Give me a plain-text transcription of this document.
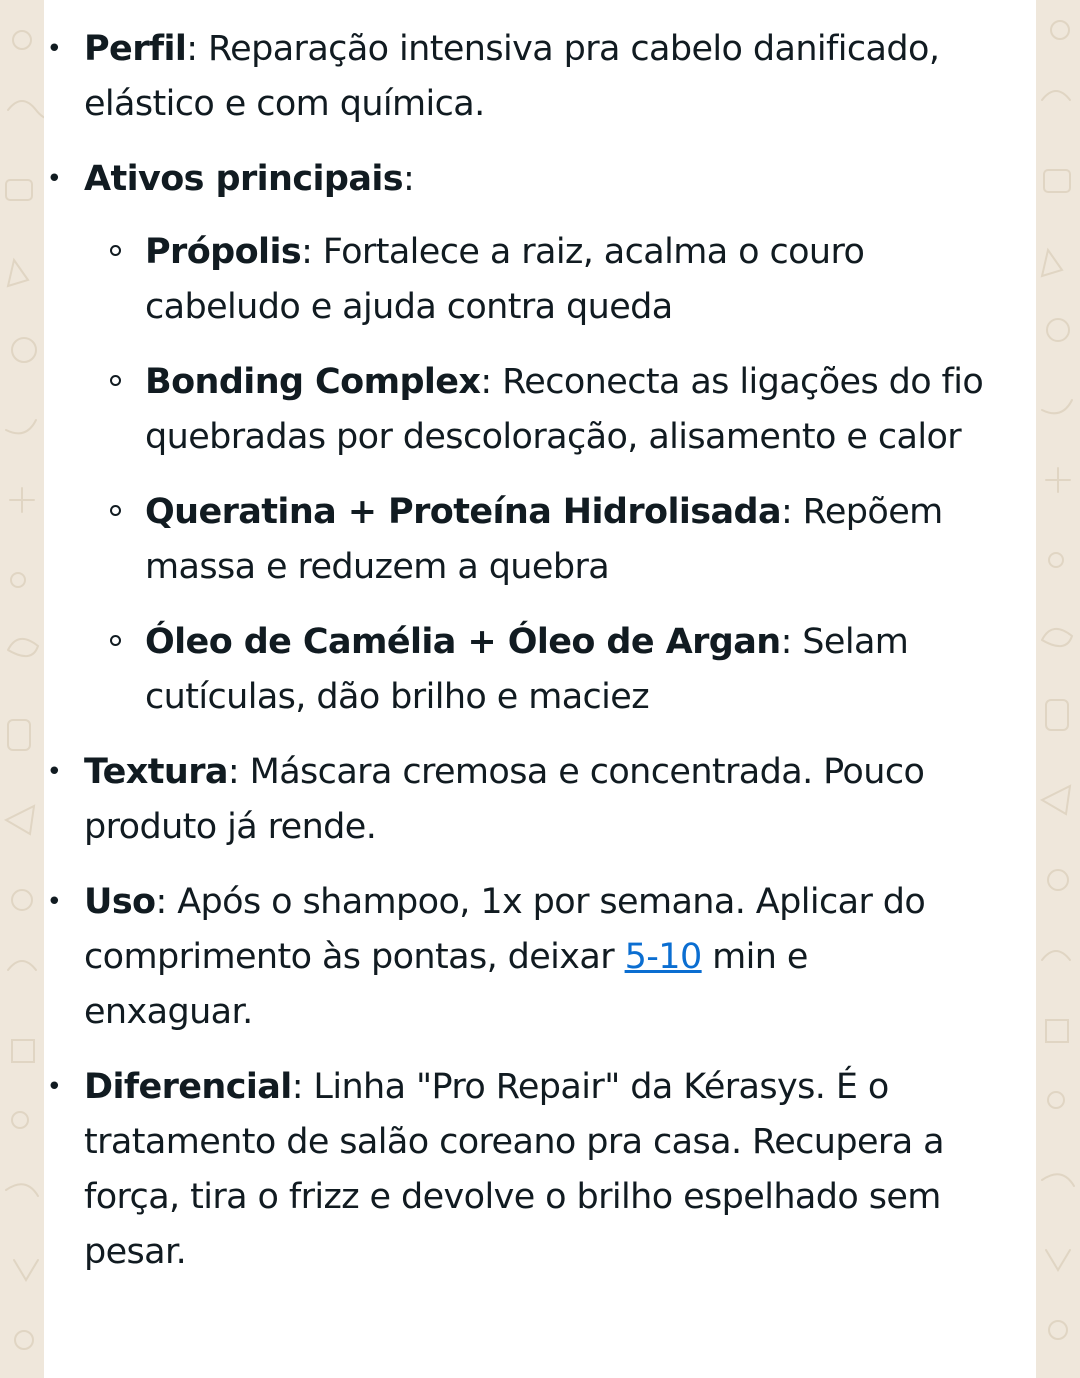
• Perfil: Reparação intensiva pra cabelo danificado, elástico e com química.
• Ativos principais:
Própolis: Fortalece a raiz, acalma o couro cabeludo e ajuda contra queda
Bonding Complex: Reconecta as ligações do fio quebradas por descoloração, alisamento e calor
Queratina + Proteína Hidrolisada: Repõem massa e reduzem a quebra
Óleo de Camélia + Óleo de Argan: Selam cutículas, dão brilho e maciez
• Textura: Máscara cremosa e concentrada. Pouco produto já rende.
• Uso: Após o shampoo, 1x por semana. Aplicar do comprimento às pontas, deixar 5-10 min e enxaguar.
• Diferencial: Linha "Pro Repair" da Kérasys. É o tratamento de salão coreano pra casa. Recupera a força, tira o frizz e devolve o brilho espelhado sem pesar.
